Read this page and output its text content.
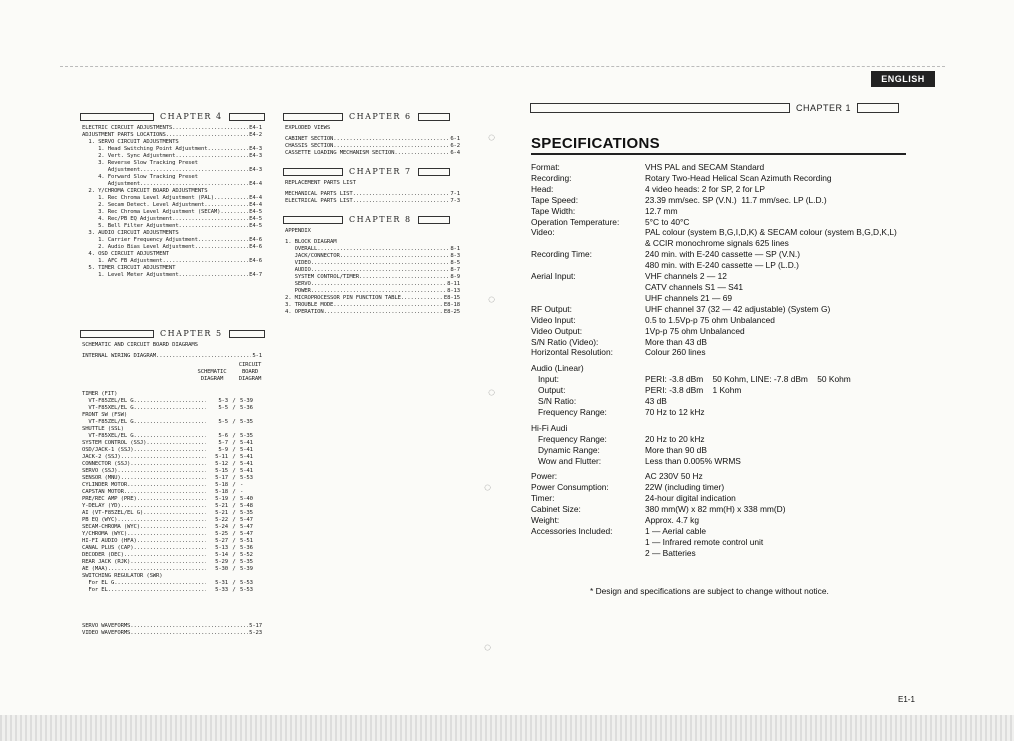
CHAPTER 4
ELECTRIC CIRCUIT ADJUSTMENTS .....	E4-1
ADJUSTMENT PARTS LOCATIONS .....	E4-2
1. SERVO CIRCUIT ADJUSTMENTS
1. Head Switching Point Adjustment .....	E4-3
2. Vert. Sync Adjustment .....	E4-3
3. Reverse Slow Tracking Preset
Adjustment .....	E4-3
4. Forward Slow Tracking Preset
Adjustment .....	E4-4
2. Y/CHROMA CIRCUIT BOARD ADJUSTMENTS
1. Rec Chroma Level Adjustment (PAL) .....	E4-4
2. Secam Detect. Level Adjustment .....	E4-4
3. Rec Chroma Level Adjustment (SECAM) .....	E4-5
4. Rec/PB EQ Adjustment .....	E4-5
5. Bell Filter Adjustment .....	E4-5
3. AUDIO CIRCUIT ADJUSTMENTS
1. Carrier Frequency Adjustment .....	E4-6
2. Audio Bias Level Adjustment .....	E4-6
4. OSD CIRCUIT ADJUSTMENT
1. AFC FB Adjustment .....	E4-6
5. TIMER CIRCUIT ADJUSTMENT
1. Level Meter Adjustment .....	E4-7
CHAPTER 5
SCHEMATIC AND CIRCUIT BOARD DIAGRAMS
INTERNAL WIRING DIAGRAM .....	5-1
SCHEMATIC DIAGRAM
CIRCUIT BOARD DIAGRAM
TIMER (FIT)
VT-F85ZEL/EL G .....	5-3 / 5-39
VT-F85XEL/EL G .....	5-5 / 5-36
FRONT SW (FSW)
VT-F85ZEL/EL G .....	5-5 / 5-35
SHUTTLE (SSL)
VT-F85XEL/EL G .....	5-6 / 5-35
SYSTEM CONTROL (SSJ) .....	5-7 / 5-41
OSD/JACK-1 (SSJ) .....	5-9 / 5-41
JACK-2 (SSJ) .....	5-11 / 5-41
CONNECTOR (SSJ) .....	5-12 / 5-41
SERVO (SSJ) .....	5-15 / 5-41
SENSOR (MNU) .....	5-17 / 5-53
CYLINDER MOTOR .....	5-18 / -
CAPSTAN MOTOR .....	5-18 / -
PRE/REC AMP (PRE) .....	5-19 / 5-40
Y-DELAY (YD) .....	5-21 / 5-48
AI (VT-F85ZEL/EL G) .....	5-21 / 5-35
PB EQ (WYC) .....	5-22 / 5-47
SECAM-CHROMA (WYC) .....	5-24 / 5-47
Y/CHROMA (WYC) .....	5-25 / 5-47
HI-FI AUDIO (HFA) .....	5-27 / 5-51
CANAL PLUS (CAP) .....	5-13 / 5-36
DECODER (DEC) .....	5-14 / 5-52
REAR JACK (RJK) .....	5-29 / 5-35
AE (MAA) .....	5-30 / 5-39
SWITCHING REGULATOR (SWR)
For EL G .....	5-31 / 5-53
For EL .....	5-33 / 5-53
SERVO WAVEFORMS .....	5-17
VIDEO WAVEFORMS .....	5-23
CHAPTER 6
EXPLODED VIEWS
CABINET SECTION .....	6-1
CHASSIS SECTION .....	6-2
CASSETTE LOADING MECHANISM SECTION .....	6-4
CHAPTER 7
REPLACEMENT PARTS LIST
MECHANICAL PARTS LIST .....	7-1
ELECTRICAL PARTS LIST .....	7-3
CHAPTER 8
APPENDIX
1. BLOCK DIAGRAM
OVERALL .....	8-1
JACK/CONNECTOR .....	8-3
VIDEO .....	8-5
AUDIO .....	8-7
SYSTEM CONTROL/TIMER .....	8-9
SERVO .....	8-11
POWER .....	8-13
2. MICROPROCESSOR PIN FUNCTION TABLE .....	E8-15
3. TROUBLE MODE .....	E8-18
4. OPERATION .....	E8-25
◌
◌
◌
◌
◌
ENGLISH
CHAPTER 1
SPECIFICATIONS
Format:	VHS PAL and SECAM Standard
Recording:	Rotary Two-Head Helical Scan Azimuth Recording
Head:	4 video heads: 2 for SP, 2 for LP
Tape Speed:	23.39 mm/sec. SP (V.N.)  11.7 mm/sec. LP (L.D.)
Tape Width:	12.7 mm
Operation Temperature:	5°C to 40°C
Video:	PAL colour (system B,G,I,D,K) & SECAM colour (system B,G,D,K,L)
& CCIR monochrome signals 625 lines
Recording Time:	240 min. with E-240 cassette — SP (V.N.)
480 min. with E-240 cassette — LP (L.D.)
Aerial Input:	VHF channels 2 — 12
CATV channels S1 — S41
UHF channels 21 — 69
RF Output:	UHF channel 37 (32 — 42 adjustable) (System G)
Video Input:	0.5 to 1.5Vp-p 75 ohm Unbalanced
Video Output:	1Vp-p 75 ohm Unbalanced
S/N Ratio (Video):	More than 43 dB
Horizontal Resolution:	Colour 260 lines
Audio (Linear)
Input:	PERI: -3.8 dBm    50 Kohm, LINE: -7.8 dBm    50 Kohm
Output:	PERI: -3.8 dBm    1 Kohm
S/N Ratio:	43 dB
Frequency Range:	70 Hz to 12 kHz
Hi-Fi Audi
Frequency Range:	20 Hz to 20 kHz
Dynamic Range:	More than 90 dB
Wow and Flutter:	Less than 0.005% WRMS
Power:	AC 230V 50 Hz
Power Consumption:	22W (including timer)
Timer:	24-hour digital indication
Cabinet Size:	380 mm(W) x 82 mm(H) x 338 mm(D)
Weight:	Approx. 4.7 kg
Accessories Included:	1 — Aerial cable
1 — Infrared remote control unit
2 — Batteries
* Design and specifications are subject to change without notice.
E1-1
